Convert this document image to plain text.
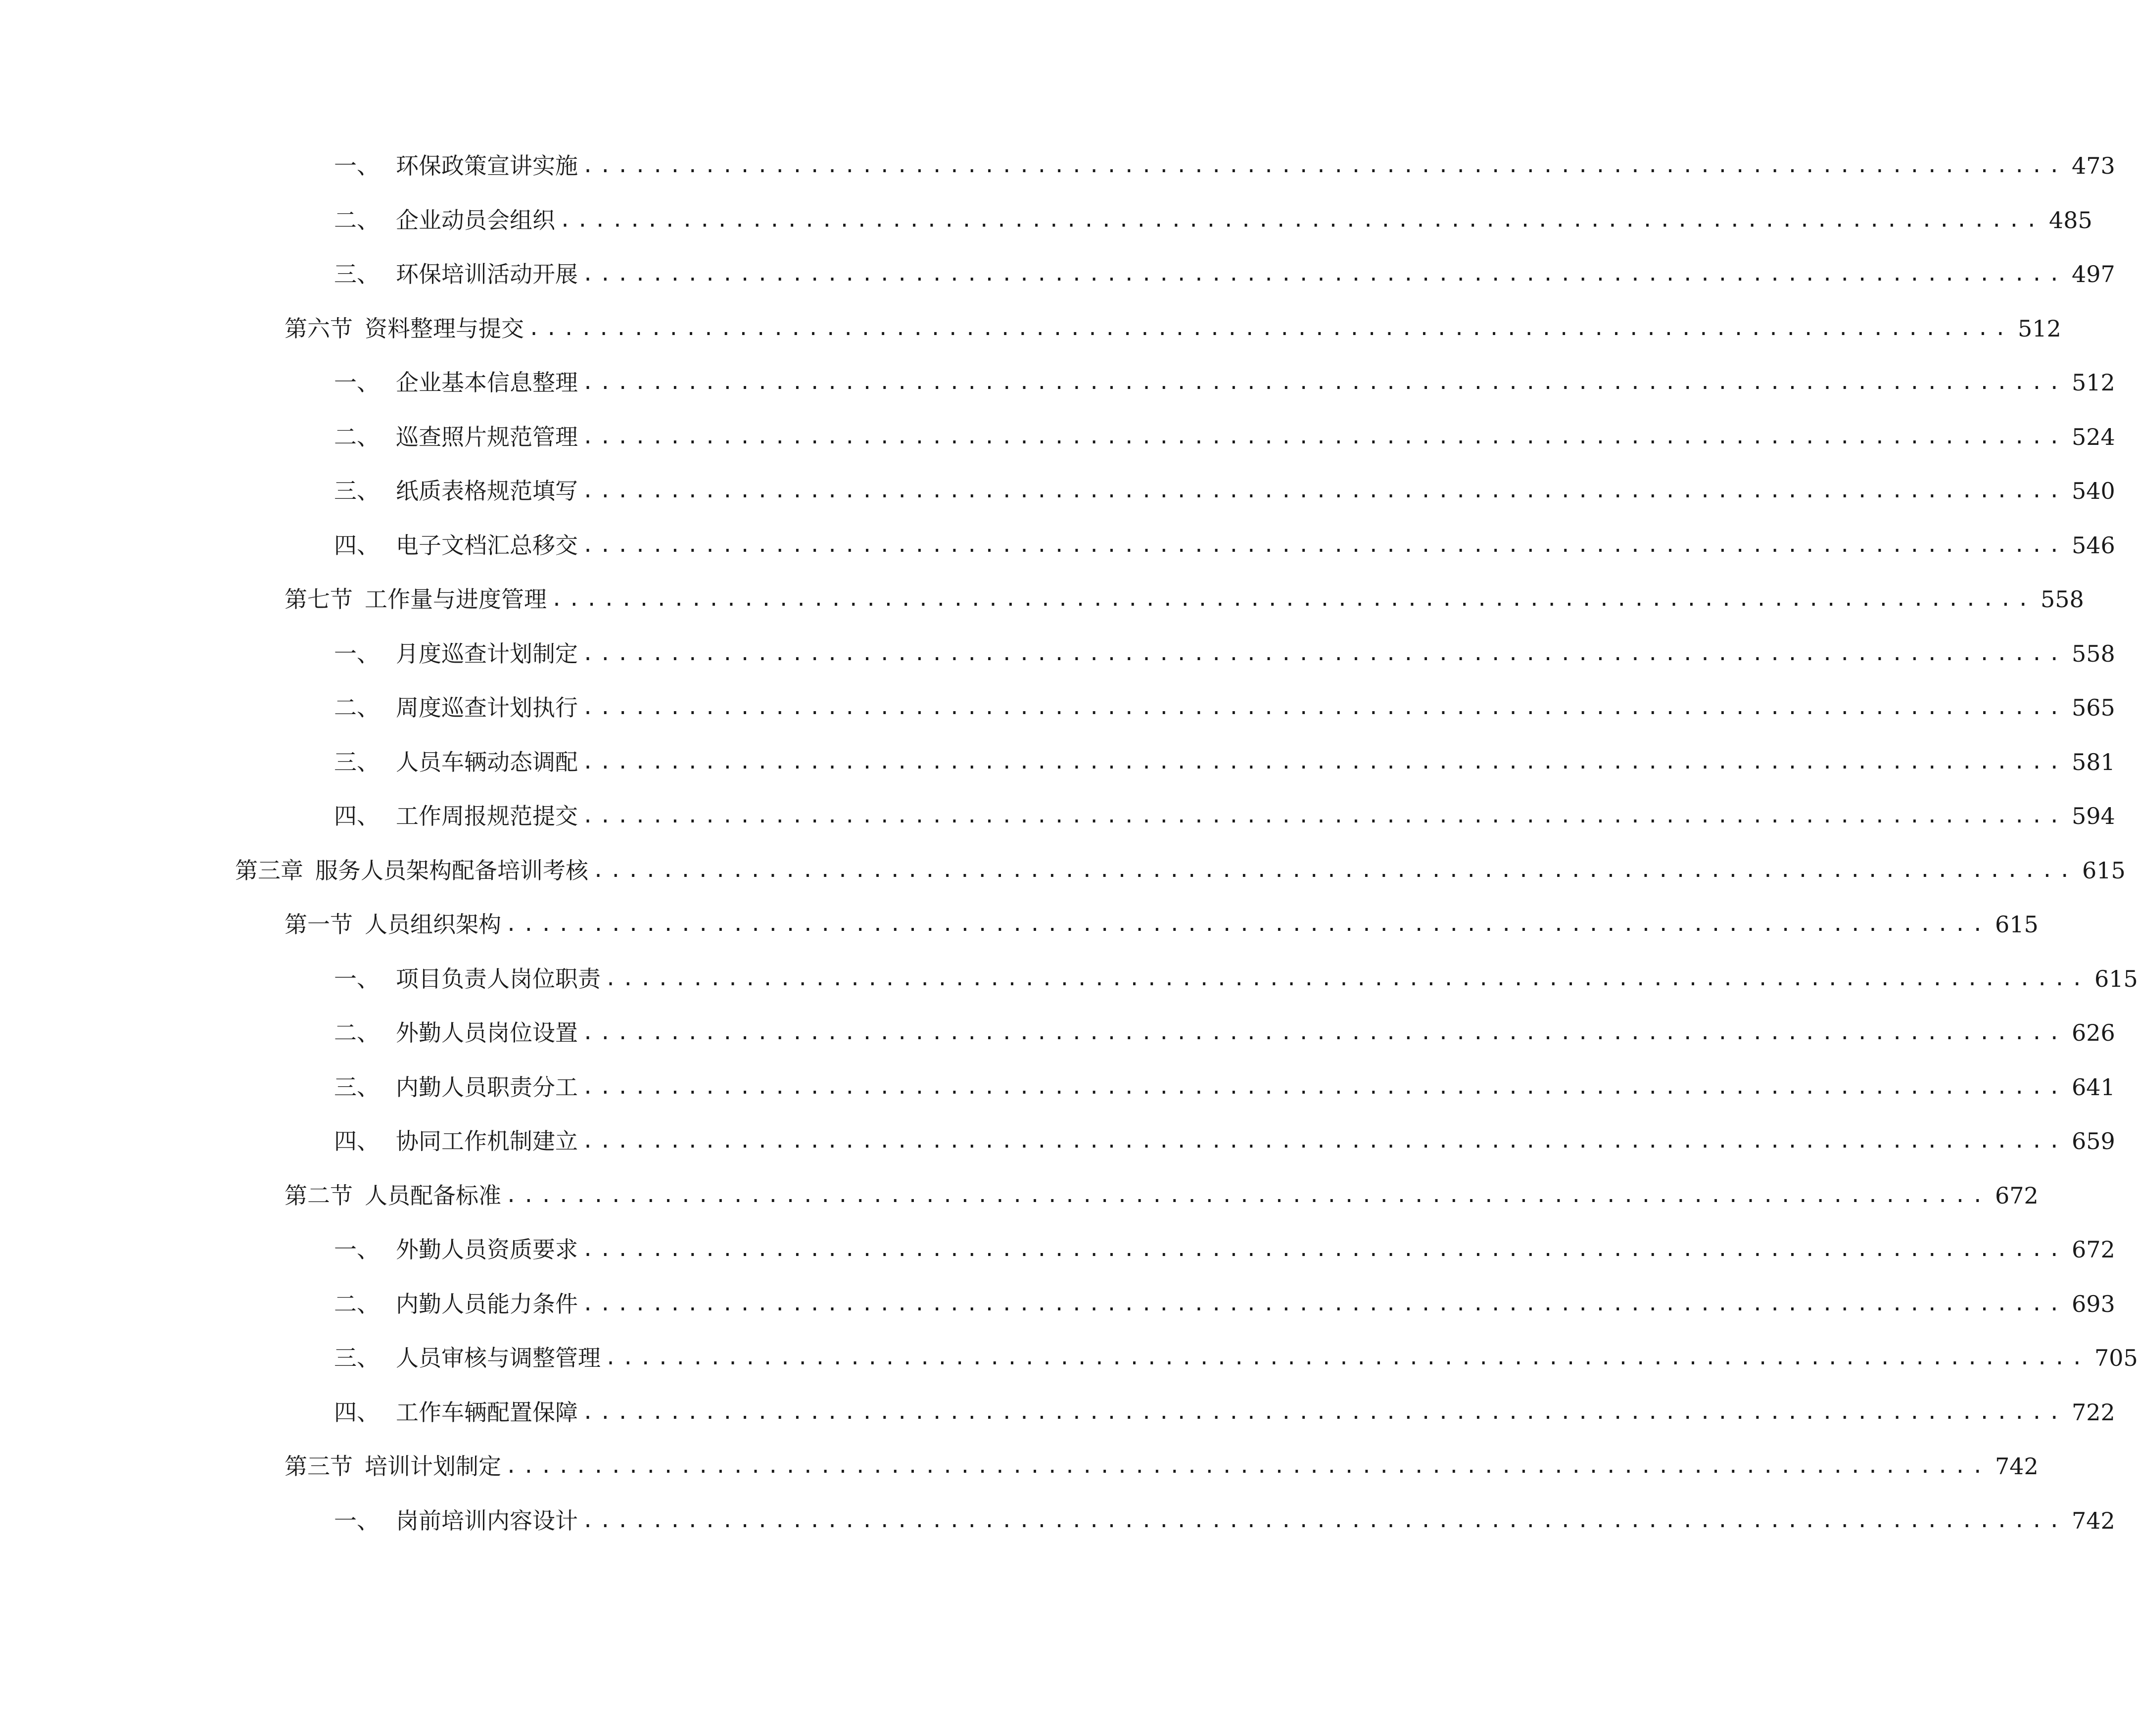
一、 环保政策宣讲实施 ..................................................................................... 473
二、 企业动员会组织 ..................................................................................... 485
三、 环保培训活动开展 ..................................................................................... 497
第六节 资料整理与提交 ..................................................................................... 512
一、 企业基本信息整理 ..................................................................................... 512
二、 巡查照片规范管理 ..................................................................................... 524
三、 纸质表格规范填写 ..................................................................................... 540
四、 电子文档汇总移交 ..................................................................................... 546
第七节 工作量与进度管理 ..................................................................................... 558
一、 月度巡查计划制定 ..................................................................................... 558
二、 周度巡查计划执行 ..................................................................................... 565
三、 人员车辆动态调配 ..................................................................................... 581
四、 工作周报规范提交 ..................................................................................... 594
第三章 服务人员架构配备培训考核 ..................................................................................... 615
第一节 人员组织架构 ..................................................................................... 615
一、 项目负责人岗位职责 ..................................................................................... 615
二、 外勤人员岗位设置 ..................................................................................... 626
三、 内勤人员职责分工 ..................................................................................... 641
四、 协同工作机制建立 ..................................................................................... 659
第二节 人员配备标准 ..................................................................................... 672
一、 外勤人员资质要求 ..................................................................................... 672
二、 内勤人员能力条件 ..................................................................................... 693
三、 人员审核与调整管理 ..................................................................................... 705
四、 工作车辆配置保障 ..................................................................................... 722
第三节 培训计划制定 ..................................................................................... 742
一、 岗前培训内容设计 ..................................................................................... 742
